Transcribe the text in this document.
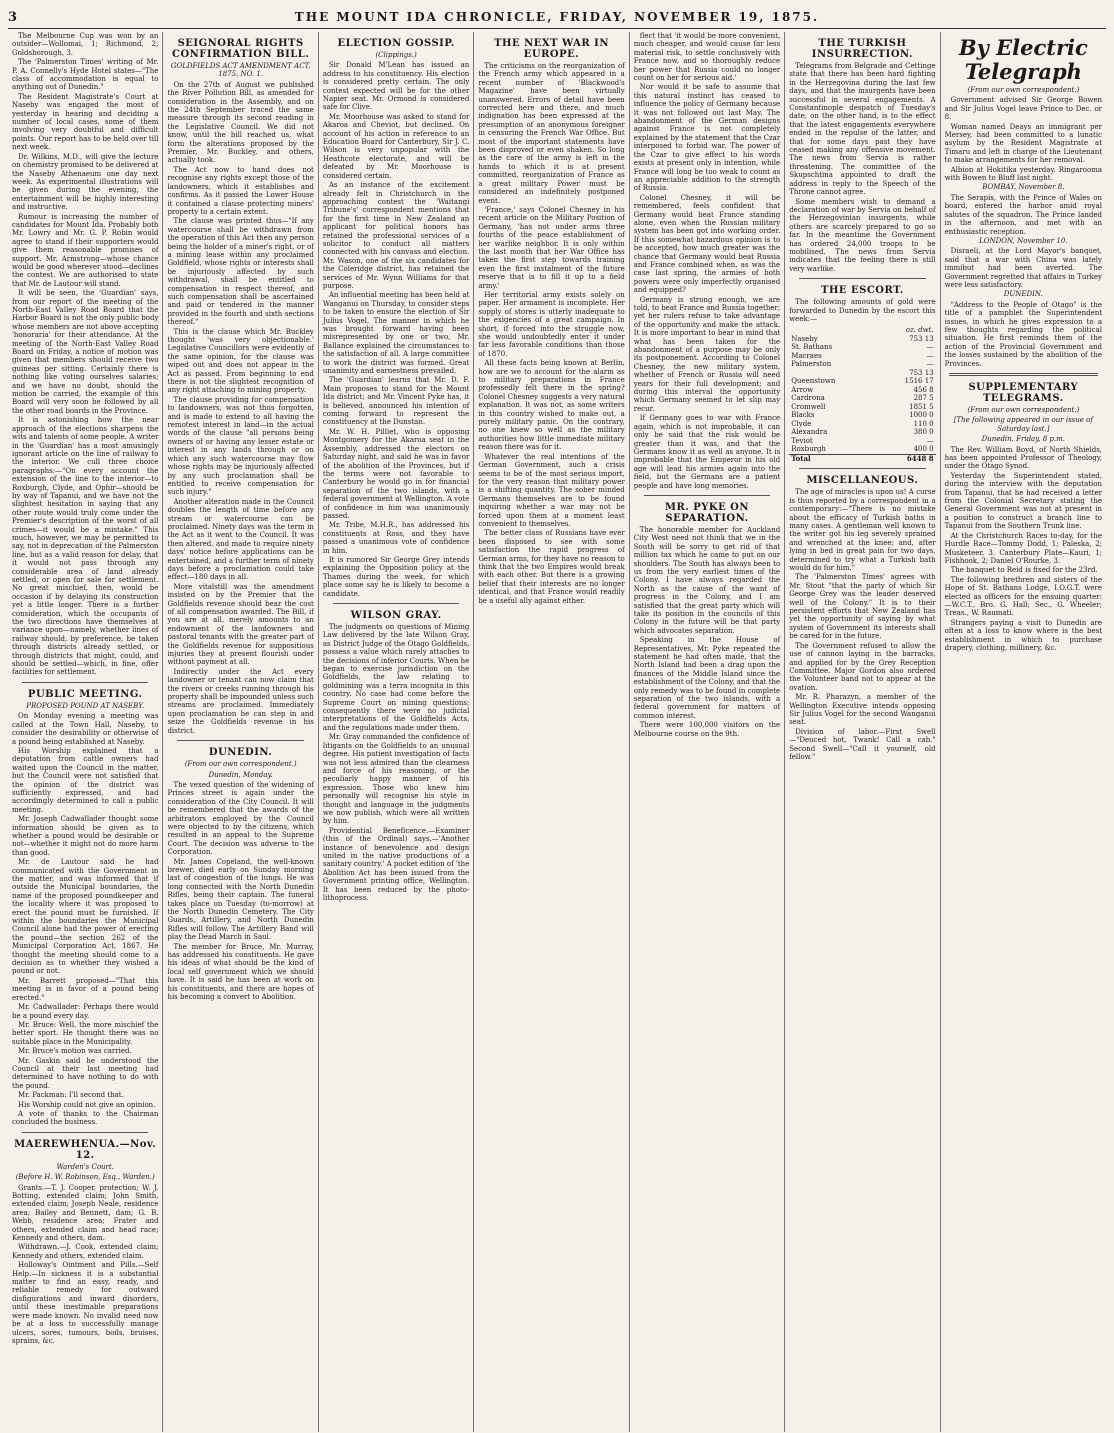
3	THE MOUNT IDA CHRONICLE, FRIDAY, NOVEMBER 19, 1875.

The Melbourne Cup was won by an outsider—Wollomai, 1; Richmond, 2; Goldsborough, 3.

The 'Palmerston Times' writing of Mr. P. A. Connelly's Hyde Hotel states—"The class of accommodation is equal to anything out of Dunedin."

The Resident Magistrate's Court at Naseby was engaged the most of yesterday in hearing and deciding a number of local cases, some of them involving very doubtful and difficult points. Our report has to be held over till next week.

Dr. Wilkins, M.D., will give the lecture on chemistry promised to be delivered at the Naseby Athenaeum one day next week. As experimental illustrations will be given during the evening, the entertainment will be highly interesting and instructive.

Rumour is increasing the number of candidates for Mount Ida. Probably both Mr. Lowry and Mr. G. P. Robin would agree to stand if their supporters would give them reasonable promises of support. Mr. Armstrong—whose chance would be good wherever stood—declines the contest. We are authorised to state that Mr. de Lautour will stand.

It will be seen, the 'Guardian' says, from our report of the meeting of the North-East Valley Road Board that the Harbor Board is not the only public body whose members are not above accepting 'honoraria' for their attendance. At the meeting of the North-East Valley Road Board on Friday, a notice of motion was given that members should receive two guineas per sitting. Certainly there is nothing like voting ourselves salaries; and we have no doubt, should the motion be carried, the example of this Board will very soon be followed by all the other road boards in the Province.

It is astonishing how the near approach of the elections sharpens the wits and talents of some people. A writer in the 'Guardian' has a most amusingly ignorant article on the line of railway to the interior. We cull three choice paragraphs:—"On every account the extension of the line to the interior—to Roxburgh, Clyde, and Ophir—should be by way of Tapanui, and we have not the slightest hesitation in saying that any other route would truly come under the Premier's description of the worst of all crimes—it would be a mistake." This much, however, we may be permitted to say, not in deprecation of the Palmerston line, but as a valid reason for delay, that it would not pass through any considerable area of land already settled, or open for sale for settlement. No great mischief, then, would be occasion if by delaying its construction yet a little longer. There is a further consideration, which the occupants of the two directions have themselves at variance upon—namely, whether lines of railway should, by preference, be taken through districts already settled, or through districts that might, could, and should be settled—which, in fine, offer facilities for settlement.

PUBLIC MEETING.
PROPOSED POUND AT NASEBY.

On Monday evening a meeting was called at the Town Hall, Naseby, to consider the desirability or otherwise of a pound being established at Naseby.

His Worship explained that a deputation from cattle owners had waited upon the Council in the matter, but the Council were not satisfied that the opinion of the district was sufficiently expressed, and had accordingly determined to call a public meeting.

Mr. Joseph Cadwallader thought some information should be given as to whether a pound would be desirable or not—whether it might not do more harm than good.

Mr. de Lautour said he had communicated with the Government in the matter, and was informed that if outside the Municipal boundaries, the name of the proposed poundkeeper and the locality where it was proposed to erect the pound must be furnished. If within the boundaries the Municipal Council alone had the power of erecting the pound—the section 262 of the Municipal Corporation Act, 1867. He thought the meeting should come to a decision as to whether they wished a pound or not.

Mr. Barrett proposed—"That this meeting is in favor of a pound being erected."

Mr. Cadwallader: Perhaps there would be a pound every day.

Mr. Bruce: Well, the more mischief the better sport. He thought there was no suitable place in the Municipality.

Mr. Bruce's motion was carried.

Mr. Gaskin said he understood the Council at their last meeting had determined to have nothing to do with the pound.

Mr. Packman: I'll second that.

His Worship could not give an opinion.

A vote of thanks to the Chairman concluded the business.

MAEREWHENUA.—Nov. 12.
Warden's Court.
(Before H. W. Robinson, Esq., Warden.)

Grants.—T. J. Cooper, protection; W. J. Botting, extended claim; John Smith, extended claim; Joseph Neale, residence area; Bailey and Bennett, dam; G. B. Webb, residence area; Frater and others, extended claim and head race; Kennedy and others, dam.

Withdrawn.—J. Cook, extended claim; Kennedy and others, extended claim.

Holloway's Ointment and Pills.—Self Help.—In sickness it is a substantial matter to find an easy, ready, and reliable remedy for outward disfigurations and inward disorders, until these inestimable preparations were made known. No invalid need now be at a loss to successfully manage ulcers, sores, tumours, boils, bruises, sprains, &c.

SEIGNORAL RIGHTS CONFIRMATION BILL.
GOLDFIELDS ACT AMENDMENT ACT, 1875, NO. 1.

On the 27th of August we published the River Pollution Bill, as amended for consideration in the Assembly, and on the 24th September traced the same measure through its second reading in the Legislative Council. We did not know, until the bill reached us, what form the alterations proposed by the Premier, Mr. Buckley, and others, actually took.

The Act now to hand does not recognise any rights except those of the landowners, which it establishes and confirms. As it passed the Lower House it contained a clause protecting miners' property to a certain extent.

The clause was printed thus—"If any watercourse shall be withdrawn from the operation of this Act then any person being the holder of a miner's right, or of a mining lease within any proclaimed Goldfield, whose rights or interests shall be injuriously affected by such withdrawal, shall be entitled to compensation in respect thereof, and such compensation shall be ascertained and paid or tendered in the manner provided in the fourth and sixth sections thereof."

This is the clause which Mr. Buckley thought 'was very objectionable.' Legislative Councillors were evidently of the same opinion, for the clause was wiped out and does not appear in the Act as passed. From beginning to end there is not the slightest recognition of any right attaching to mining property.

The clause providing for compensation to landowners, was not thus forgotten, and is made to extend to all having the remotest interest in land—in the actual words of the clause "all persons being owners of or having any lesser estate or interest in any lands through or on which any such watercourse may flow whose rights may be injuriously affected by any such proclamation shall be entitled to receive compensation for such injury."

Another alteration made in the Council doubles the length of time before any stream or watercourse can be proclaimed. Ninety days was the term in the Act as it went to the Council. It was then altered, and made to require ninety days' notice before applications can be entertained, and a further term of ninety days before a proclamation could take effect—180 days in all.

More vitalstill was the amendment insisted on by the Premier that the Goldfields revenue should bear the cost of all compensation awarded. The Bill, if you are at all, merely amounts to an endowment of the landowners and pastoral tenants with the greater part of the Goldfields revenue for suppositious injuries they at present flourish under without payment at all.

Indirectly under the Act every landowner or tenant can now claim that the rivers or creeks running through his property shall be impounded unless such streams are proclaimed. Immediately upon proclamation he can step in and seize the Goldfields revenue in his district.

DUNEDIN.
(From our own correspondent.)
Dunedin, Monday.

The vexed question of the widening of Princes street is again under the consideration of the City Council. It will be remembered that the awards of the arbitrators employed by the Council were objected to by the citizens, which resulted in an appeal to the Supreme Court. The decision was adverse to the Corporation.

Mr. James Copeland, the well-known brewer, died early on Sunday morning last of congestion of the lungs. He was long connected with the North Dunedin Rifles, being their captain. The funeral takes place on Tuesday (to-morrow) at the North Dunedin Cemetery. The City Guards, Artillery, and North Dunedin Rifles will follow. The Artillery Band will play the Dead March in Saul.

The member for Bruce, Mr. Murray, has addressed his constituents. He gave his ideas of what should be the kind of local self government which we should have. It is said he has been at work on his constituents, and there are hopes of his becoming a convert to Abolition.

ELECTION GOSSIP.
(Clippings.)

Sir Donald M'Lean has issued an address to his constituency. His election is considered pretty certain. The only contest expected will be for the other Napier seat. Mr. Ormond is considered safe for Clive.

Mr. Moorhouse was asked to stand for Akaroa and Cheviot, but declined. On account of his action in reference to an Education Board for Canterbury, Sir J. C. Wilson is very unpopular with the Heathcote electorate, and will be defeated by Mr. Moorhouse is considered certain.

As an instance of the excitement already felt in Christchurch in the approaching contest the 'Waitangi Tribune's' correspondent mentions that for the first time in New Zealand an applicant for political honors has retained the professional services of a solicitor to conduct all matters connected with his canvass and election. Mr. Wason, one of the six candidates for the Coleridge district, has retained the services of Mr. Wynn Williams for that purpose.

An influential meeting has been held at Wanganui on Thursday, to consider steps to be taken to ensure the election of Sir Julius Vogel. The manner in which he was brought forward having been misrepresented by one or two, Mr. Ballance explained the circumstances to the satisfaction of all. A large committee to work the district was formed. Great unanimity and earnestness prevailed.

The 'Guardian' learns that Mr. D. F. Main proposes to stand for the Mount Ida district; and Mr. Vincent Pyke has, it is believed, announced his intention of coming forward to represent the constituency at the Dunstan.

Mr. W. H. Pilliet, who is opposing Montgomery for the Akaroa seat in the Assembly, addressed the electors on Saturday night, and said he was in favor of the abolition of the Provinces, but if the terms were not favorable to Canterbury he would go in for financial separation of the two islands, with a federal government at Wellington. A vote of confidence in him was unanimously passed.

Mr. Tribe, M.H.R., has addressed his constituents at Ross, and they have passed a unanimous vote of confidence in him.

It is rumored Sir George Grey intends explaining the Opposition policy at the Thames during the week, for which place some say he is likely to become a candidate.

WILSON GRAY.

The judgments on questions of Mining Law delivered by the late Wilson Gray, as District Judge of the Otago Goldfields, possess a value which rarely attaches to the decisions of inferior Courts. When he began to exercise jurisdiction on the Goldfields, the law relating to goldmining was a terra incognita in this country. No case had come before the Supreme Court on mining questions; consequently there were no judicial interpretations of the Goldfields Acts, and the regulations made under them.

Mr. Gray commanded the confidence of litigants on the Goldfields to an unusual degree. His patient investigation of facts was not less admired than the clearness and force of his reasoning, or the peculiarly happy manner of his expression. Those who knew him personally will recognise his style in thought and language in the judgments we now publish, which were all written by him.

Providential Beneficence.—Examiner (this of the Ordinal) says.—'Another instance of benevolence and design united in the native productions of a sanitary country.' A pocket edition of 'the Abolition Act has been issued from the Government printing office, Wellington. It has been reduced by the photo-lithoprocess.

THE NEXT WAR IN EUROPE.

The criticisms on the reorganization of the French army which appeared in a recent number of 'Blackwood's Magazine' have been virtually unanswered. Errors of detail have been corrected here and there, and much indignation has been expressed at the presumption of an anonymous foreigner in censuring the French War Office. But most of the important statements have been disproved or even shaken. So long as the care of the army is left in the hands to which it is at present committed, reorganization of France as a great military Power must be considered an indefinitely postponed event.

'France,' says Colonel Chesney in his recent article on the Military Position of Germany, 'has not under arms three fourths of the peace establishment of her warlike neighbor. It is only within the last month that her War Office has taken the first step towards training even the first instalment of the future reserve that is to fill it up to a field army.'

Her territorial army exists solely on paper. Her armament is incomplete. Her supply of stores is utterly inadequate to the exigencies of a great campaign. In short, if forced into the struggle now, she would undoubtedly enter it under far less favorable conditions than those of 1870.

All these facts being known at Berlin, how are we to account for the alarm as to military preparations in France professedly felt there in the spring? Colonel Chesney suggests a very natural explanation. It was not, as some writers in this country wished to make out, a purely military panic. On the contrary, no one knew so well as the military authorities how little immediate military reason there was for it.

Whatever the real intentions of the German Government, such a crisis seems to be of the most serious import, for the very reason that military power is a shifting quantity. The sober minded Germans themselves are to be found inquiring whether a war may not be forced upon them at a moment least convenient to themselves.

The better class of Russians have ever been disposed to see with some satisfaction the rapid progress of German arms, for they have no reason to think that the two Empires would break with each other. But there is a growing belief that their interests are no longer identical, and that France would readily be a useful ally against either.

flect that 'it would be more convenient, much cheaper, and would cause far less material risk, to settle conclusively with France now, and so thoroughly reduce her power that Russia could no longer count on her for serious aid.'

Nor would it be safe to assume that this natural instinct has ceased to influence the policy of Germany because it was not followed out last May. The abandonment of the German designs against France is not completely explained by the statement that the Czar interposed to forbid war. The power of the Czar to give effect to his words exists at present only in intention, while France will long be too weak to count as an appreciable addition to the strength of Russia.

Colonel Chesney, it will be remembered, feels confident that Germany would beat France standing alone, even when the Russian military system has been got into working order. If this somewhat hazardous opinion is to be accepted, how much greater was the chance that Germany would beat Russia and France combined when, as was the case last spring, the armies of both powers were only imperfectly organised and equipped?

Germany is strong enough, we are told, to beat France and Russia together; yet her rulers refuse to take advantage of the opportunity and make the attack. It is more important to bear in mind that what has been taken for the abandonment of a purpose may be only its postponement. According to Colonel Chesney, the new military system, whether of French or Russia will need years for their full development; and during this interval the opportunity which Germany seemed to let slip may recur.

If Germany goes to war with France again, which is not improbable, it can only be said that the risk would be greater than it was, and that the Germans know it as well as anyone. It is improbable that the Emperor in his old age will lead his armies again into the field, but the Germans are a patient people and have long memories.

MR. PYKE ON SEPARATION.

The honorable member for Auckland City West need not think that we in the South will be sorry to get rid of that million tax which he came to put on our shoulders. The South has always been to us from the very earliest times of the Colony. I have always regarded the North as the cause of the want of progress in the Colony, and I am satisfied that the great party which will take its position in the councils of this Colony in the future will be that party which advocates separation.

Speaking in the House of Representatives, Mr. Pyke repeated the statement he had often made, that the North Island had been a drag upon the finances of the Middle Island since the establishment of the Colony, and that the only remedy was to be found in complete separation of the two islands, with a federal government for matters of common interest.

There were 100,000 visitors on the Melbourne course on the 9th.

THE TURKISH INSURRECTION.

Telegrams from Belgrade and Cettinge state that there has been hard fighting in the Herzegovina during the last few days, and that the insurgents have been successful in several engagements. A Constantinople despatch of Tuesday's date, on the other hand, is to the effect that the latest engagements everywhere ended in the repulse of the latter, and that for some days past they have ceased making any offensive movement. The news from Servia is rather threatening. The committee of the Skupschtina appointed to draft the address in reply to the Speech of the Throne cannot agree.

Some members wish to demand a declaration of war by Servia on behalf of the Herzegovinian insurgents, while others are scarcely prepared to go so far. In the meantime the Government has ordered 24,000 troops to be mobilised. The news from Servia indicates that the feeling there is still very warlike.

THE ESCORT.

The following amounts of gold were forwarded to Dunedin by the escort this week:—

	oz. dwt.
Naseby	753 13
St. Bathans	—
Macraes	—
Palmerston	—
	753 13
Queenstown	1516 17
Arrow	456 8
Cardrona	287 5
Cromwell	1851 5
Blacks	1000 0
Clyde	110 0
Alexandra	380 0
Teviot	—
Roxburgh	400 0
Total	6448 8
MISCELLANEOUS.

The age of miracles is upon us! A curse is thus reported by a correspondent in a contemporary:—"There is no mistake about the efficacy of Turkish baths in many cases. A gentleman well known to the writer got his leg severely sprained and wrenched at the knee; and, after lying in bed in great pain for two days, determined to try what a Turkish bath would do for him."

The 'Palmerston Times' agrees with Mr. Stout "that the party of which Sir George Grey was the leader deserved well of the Colony." It is to their persistent efforts that New Zealand has yet the opportunity of saying by what system of Government its interests shall be cared for in the future.

The Government refused to allow the use of cannon laying in the barracks, and applied for by the Grey Reception Committee. Major Gordon also ordered the Volunteer band not to appear at the ovation.

Mr. R. Pharazyn, a member of the Wellington Executive intends opposing Sir Julius Vogel for the second Wanganui seat.

Division of labor.—First Swell—"Deuced hot, Twank! Call a cab." Second Swell—"Call it yourself, old fellow."

By Electric Telegraph
(From our own correspondent.)

Government advised Sir George Bowen and Sir Julius Vogel leave Prince to Dec. or 8.

Woman named Deays an immigrant per Mersey, had been committed to a lunatic asylum by the Resident Magistrate at Timaru and left in charge of the Lieutenant to make arrangements for her removal.

Albion at Hokitika yesterday. Ringarooma with Bowen to Bluff last night.

BOMBAY, November 8.

The Serapis, with the Prince of Wales on board, entered the harbor amid royal salutes of the squadron. The Prince landed in the afternoon, and met with an enthusiastic reception.

LONDON, November 10.

Disraeli, at the Lord Mayor's banquet, said that a war with China was lately immibut had been averted. The Government regretted that affairs in Turkey were less satisfactory.

DUNEDIN.

"Address to the People of Otago" is the title of a pamphlet the Superintendent issues, in which he gives expression to a few thoughts regarding the political situation. He first reminds them of the action of the Provincial Government and the losses sustained by the abolition of the Provinces.

SUPPLEMENTARY TELEGRAMS.
(From our own correspondent.)
[The following appeared in our issue of Saturday last.]
Dunedin, Friday, 8 p.m.

The Rev. William Boyd, of North Shields, has been appointed Professor of Theology, under the Otago Synod.

Yesterday the Superintendent stated, during the interview with the deputation from Tapanui, that he had received a letter from the Colonial Secretary stating the General Government was not at present in a position to construct a branch line to Tapanui from the Southern Trunk line.

At the Christchurch Races to-day, for the Hurdle Race—Tommy Dodd, 1; Paleska, 2; Musketeer, 3. Canterbury Plate—Kauri, 1; Fishhook, 2; Daniel O'Rourke, 3.

The banquet to Reid is fixed for the 23rd.

The following brethren and sisters of the Hope of St. Bathans Lodge, I.O.G.T. were elected as officers for the ensuing quarter:—W.C.T., Bro. G. Hall; Sec., G. Wheeler; Treas., W. Raumati.

Strangers paying a visit to Dunedin are often at a loss to know where is the best establishment in which to purchase drapery, clothing, millinery, &c.
